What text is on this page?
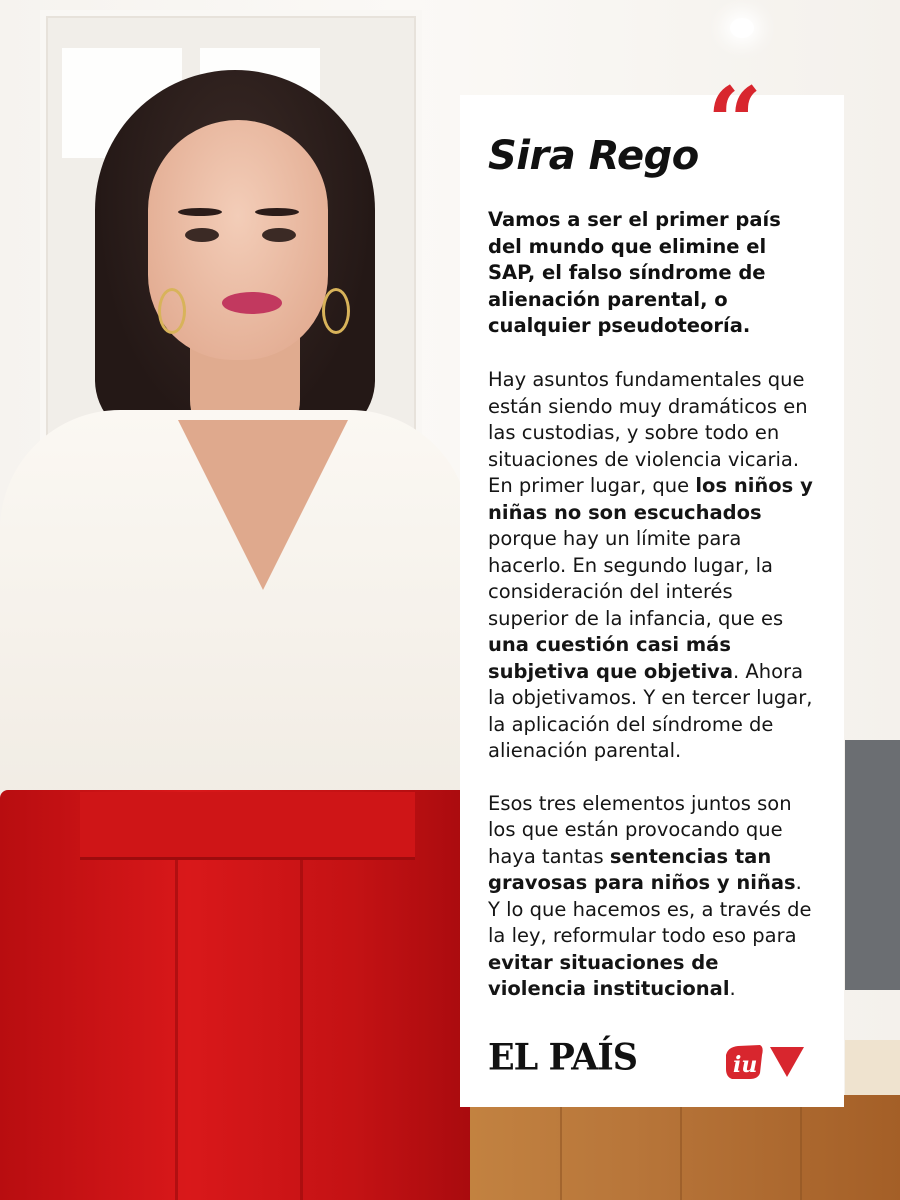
“
Sira Rego

Vamos a ser el primer país del mundo que elimine el SAP, el falso síndrome de alienación parental, o cualquier pseudoteoría.

Hay asuntos fundamentales que están siendo muy dramáticos en las custodias, y sobre todo en situaciones de violencia vicaria. En primer lugar, que los niños y niñas no son escuchados porque hay un límite para hacerlo. En segundo lugar, la consideración del interés superior de la infancia, que es una cuestión casi más subjetiva que objetiva. Ahora la objetivamos. Y en tercer lugar, la aplicación del síndrome de alienación parental.

Esos tres elementos juntos son los que están provocando que haya tantas sentencias tan gravosas para niños y niñas. Y lo que hacemos es, a través de la ley, reformular todo eso para evitar situaciones de violencia institucional.

EL PAÍS	iu
